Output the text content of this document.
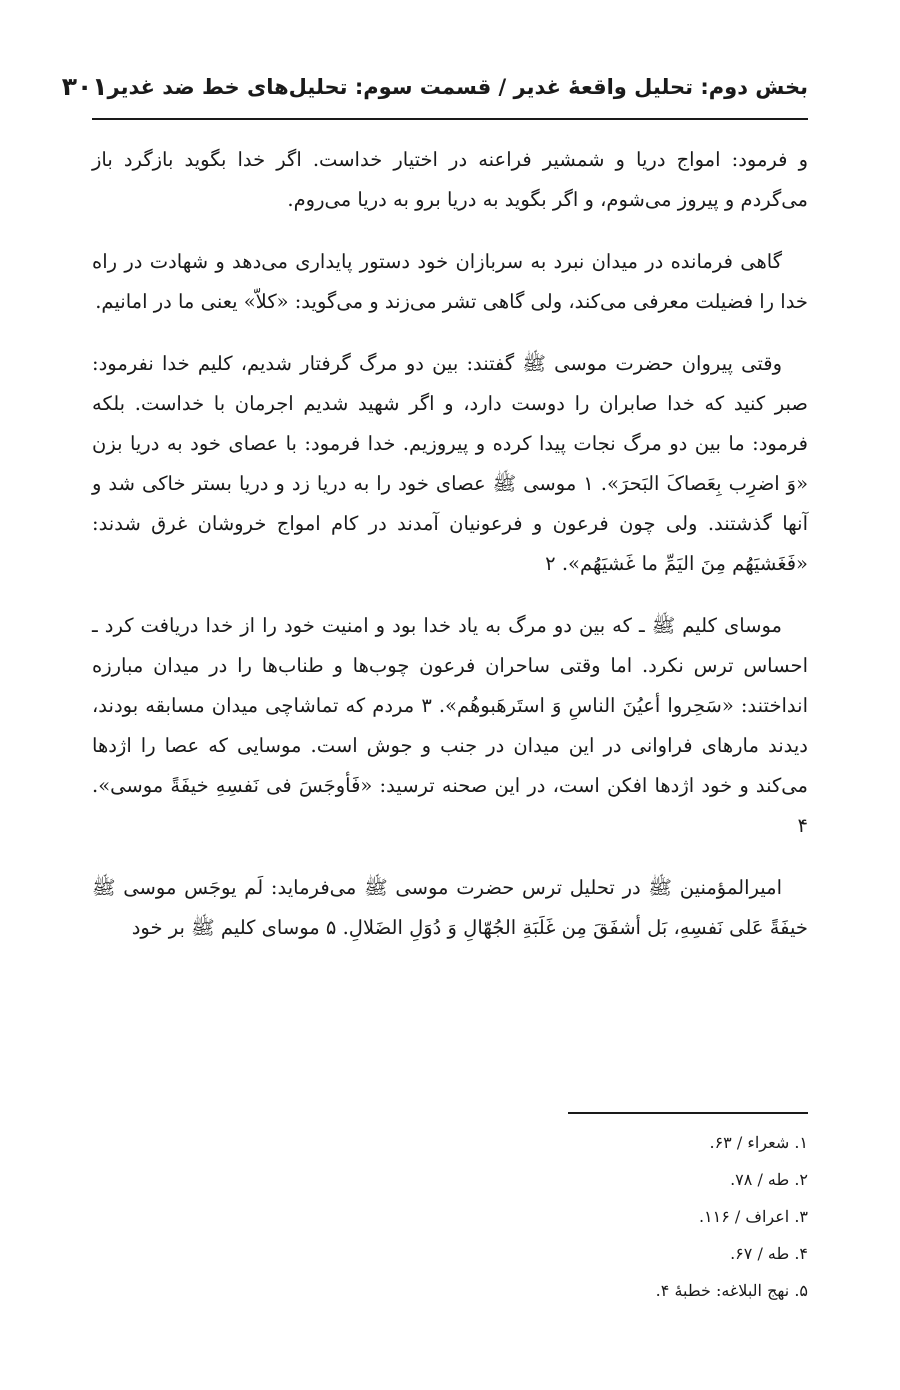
بخش دوم: تحلیل واقعهٔ غدیر / قسمت سوم: تحلیل‌های خط ضد غدیر
۳۰۱

و فرمود: امواج دریا و شمشیر فراعنه در اختیار خداست. اگر خدا بگوید بازگرد باز می‌گردم و پیروز می‌شوم، و اگر بگوید به دریا برو به دریا می‌روم.

گاهی فرمانده در میدان نبرد به سربازان خود دستور پایداری می‌دهد و شهادت در راه خدا را فضیلت معرفی می‌کند، ولی گاهی تشر می‌زند و می‌گوید: «کلاّ» یعنی ما در امانیم.

وقتی پیروان حضرت موسی ﷺ گفتند: بین دو مرگ گرفتار شدیم، کلیم خدا نفرمود: صبر کنید که خدا صابران را دوست دارد، و اگر شهید شدیم اجرمان با خداست. بلکه فرمود: ما بین دو مرگ نجات پیدا کرده و پیروزیم. خدا فرمود: با عصای خود به دریا بزن «وَ اضرِب بِعَصاکَ البَحرَ». ۱ موسی ﷺ عصای خود را به دریا زد و دریا بستر خاکی شد و آنها گذشتند. ولی چون فرعون و فرعونیان آمدند در کام امواج خروشان غرق شدند: «فَغَشیَهُم مِنَ الیَمِّ ما غَشیَهُم». ۲

موسای کلیم ﷺ ـ که بین دو مرگ به یاد خدا بود و امنیت خود را از خدا دریافت کرد ـ احساس ترس نکرد. اما وقتی ساحران فرعون چوب‌ها و طناب‌ها را در میدان مبارزه انداختند: «سَحِروا أعیُنَ الناسِ وَ استَرهَبوهُم». ۳ مردم که تماشاچی میدان مسابقه بودند، دیدند مارهای فراوانی در این میدان در جنب و جوش است. موسایی که عصا را اژدها می‌کند و خود اژدها افکن است، در این صحنه ترسید: «فَأوجَسَ فی نَفسِهِ خیفَةً موسی». ۴

امیرالمؤمنین ﷺ در تحلیل ترس حضرت موسی ﷺ می‌فرماید: لَم یوجَس موسی ﷺ خیفَةً عَلی نَفسِهِ، بَل أشفَقَ مِن غَلَبَةِ الجُهّالِ وَ دُوَلِ الضَلالِ. ۵ موسای کلیم ﷺ بر خود

۱. شعراء / ۶۳.
۲. طه / ۷۸.
۳. اعراف / ۱۱۶.
۴. طه / ۶۷.
۵. نهج البلاغه: خطبهٔ ۴.
